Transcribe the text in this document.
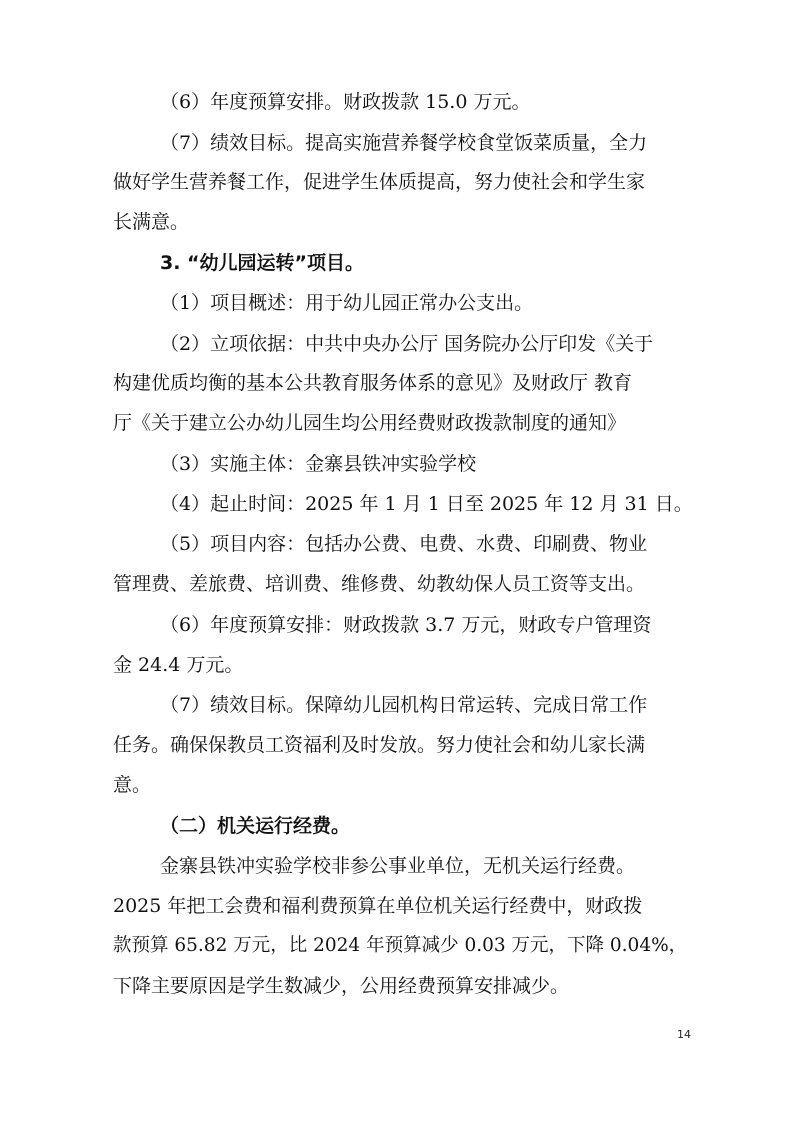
（6）年度预算安排。财政拨款 15.0 万元。
（7）绩效目标。提高实施营养餐学校食堂饭菜质量，全力
做好学生营养餐工作，促进学生体质提高，努力使社会和学生家
长满意。
3. “幼儿园运转”项目。
（1）项目概述：用于幼儿园正常办公支出。
（2）立项依据：中共中央办公厅 国务院办公厅印发《关于
构建优质均衡的基本公共教育服务体系的意见》及财政厅 教育
厅《关于建立公办幼儿园生均公用经费财政拨款制度的通知》
（3）实施主体：金寨县铁冲实验学校
（4）起止时间：2025 年 1 月 1 日至 2025 年 12 月 31 日。
（5）项目内容：包括办公费、电费、水费、印刷费、物业
管理费、差旅费、培训费、维修费、幼教幼保人员工资等支出。
（6）年度预算安排：财政拨款 3.7 万元，财政专户管理资
金 24.4 万元。
（7）绩效目标。保障幼儿园机构日常运转、完成日常工作
任务。确保保教员工资福利及时发放。努力使社会和幼儿家长满
意。
（二）机关运行经费。
金寨县铁冲实验学校非参公事业单位，无机关运行经费。
2025 年把工会费和福利费预算在单位机关运行经费中，财政拨
款预算 65.82 万元，比 2024 年预算减少 0.03 万元，下降 0.04%，
下降主要原因是学生数减少，公用经费预算安排减少。
14
